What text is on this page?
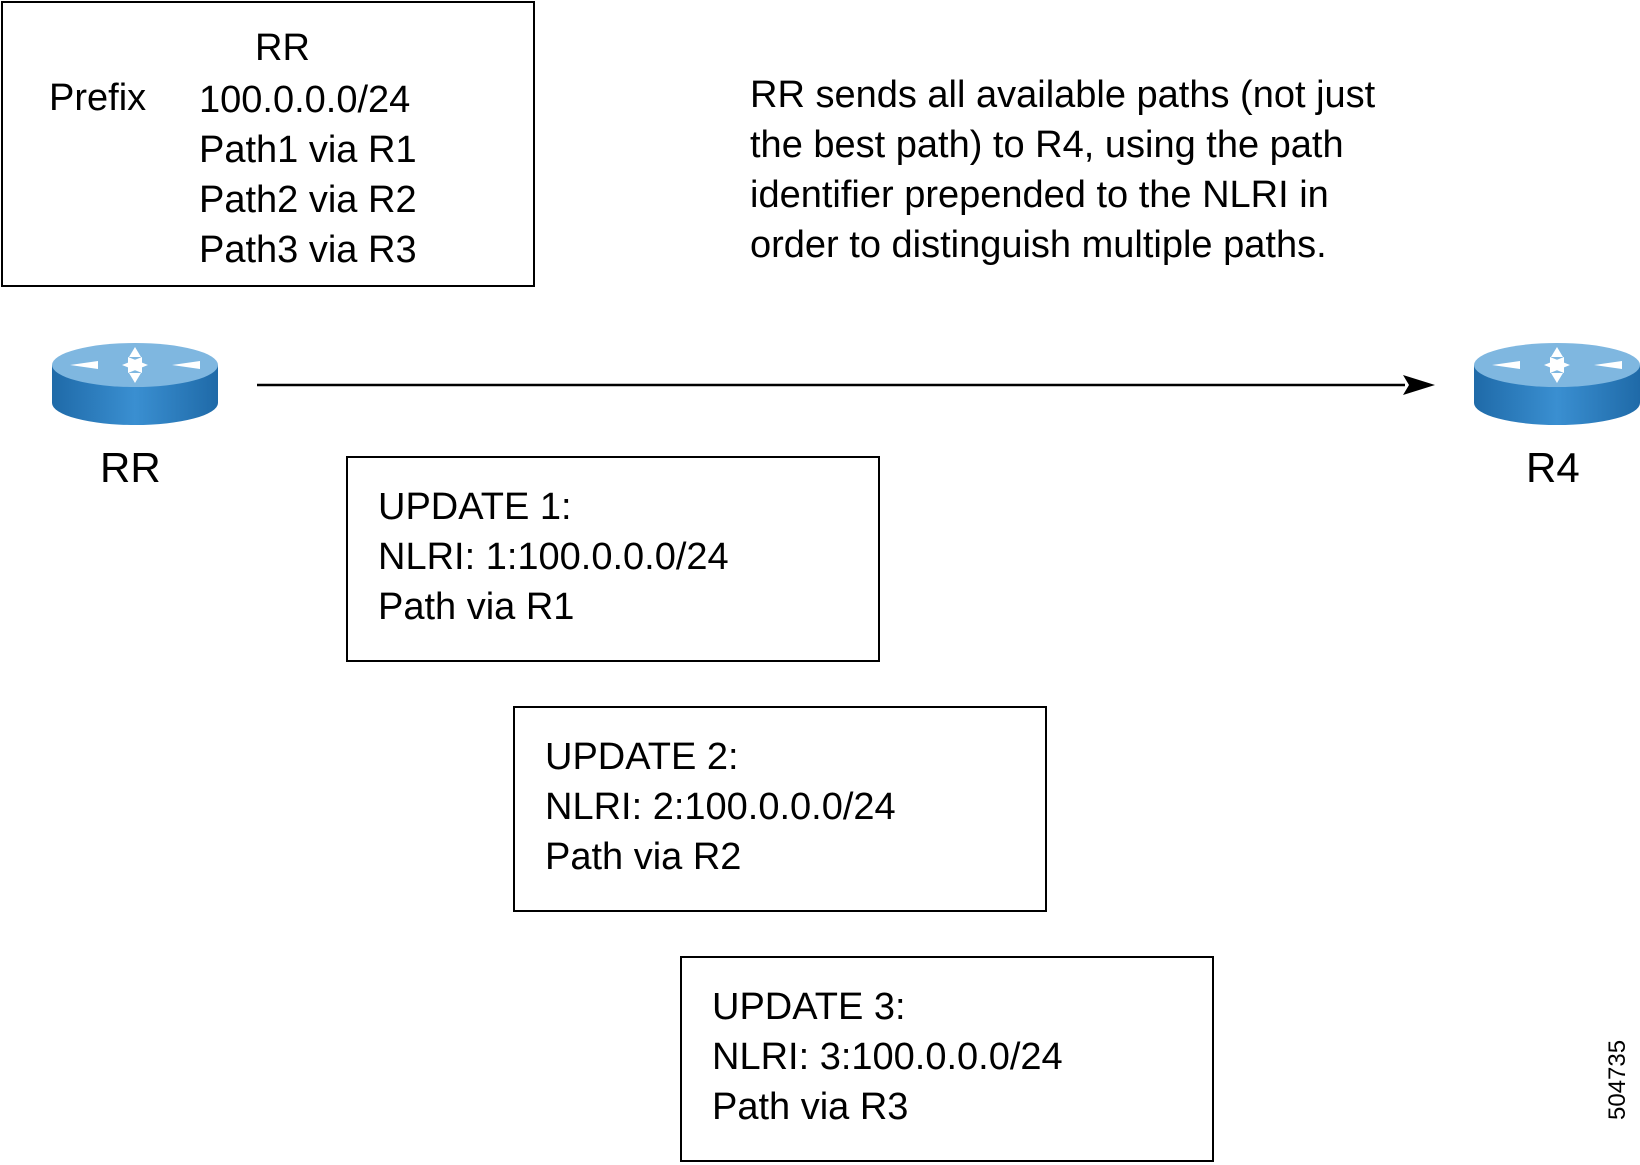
RR
Prefix 100.0.0.0/24
Path1 via R1
Path2 via R2
Path3 via R3
RR sends all available paths (not just
the best path) to R4, using the path
identifier prepended to the NLRI in
order to distinguish multiple paths.
RR	R4
UPDATE 1:
NLRI: 1:100.0.0.0/24
Path via R1
UPDATE 2:
NLRI: 2:100.0.0.0/24
Path via R2
UPDATE 3:
NLRI: 3:100.0.0.0/24
Path via R3	504735
